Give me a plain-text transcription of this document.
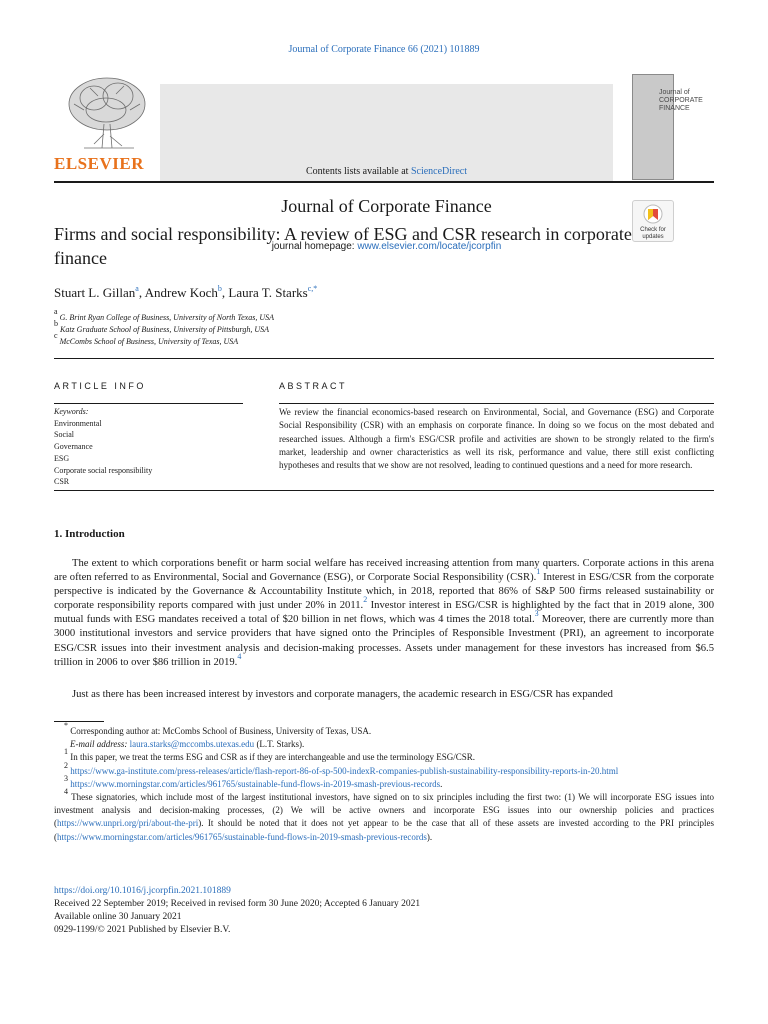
Journal of Corporate Finance 66 (2021) 101889
ELSEVIER	Contents lists available at ScienceDirect
Journal of Corporate Finance
journal homepage: www.elsevier.com/locate/jcorpfin
Journal of
CORPORATE
FINANCE
Firms and social responsibility: A review of ESG and CSR research in corporate finance
Check for
updates
Stuart L. Gillan$^a$, Andrew Koch$^b$, Laura T. Starks$^{c,*}$
$^a$ G. Brint Ryan College of Business, University of North Texas, USA
$^b$ Katz Graduate School of Business, University of Pittsburgh, USA
$^c$ McCombs School of Business, University of Texas, USA
ARTICLE INFO	ABSTRACT
Keywords:
Environmental
Social
Governance
ESG
Corporate social responsibility
CSR
We review the financial economics-based research on Environmental, Social, and Governance (ESG) and Corporate Social Responsibility (CSR) with an emphasis on corporate finance. In doing so we focus on the most debated and researched issues. Although a firm's ESG/CSR profile and activities are shown to be strongly related to the firm's market, leadership and owner characteristics as well its risk, performance and value, there still exist conflicting hypotheses and results that we show are not resolved, leading to continued questions and a need for more research.
1. Introduction

The extent to which corporations benefit or harm social welfare has received increasing attention from many quarters. Corporate actions in this arena are often referred to as Environmental, Social and Governance (ESG), or Corporate Social Responsibility (CSR).$^1$ Interest in ESG/CSR from the corporate perspective is indicated by the Governance & Accountability Institute which, in 2018, reported that 86% of S&P 500 firms released sustainability or corporate responsibility reports compared with just under 20% in 2011.$^2$ Investor interest in ESG/CSR is highlighted by the fact that in 2019 alone, 300 mutual funds with ESG mandates received a total of $20 billion in net flows, which was 4 times the 2018 total.$^3$ Moreover, there are currently more than 3000 institutional investors and service providers that have signed onto the Principles of Responsible Investment (PRI), an agreement to incorporate ESG/CSR issues into their investment analysis and decision-making processes. Assets under management for these investors has increased from $6.5 trillion in 2006 to over $86 trillion in 2019.$^4$

Just as there has been increased interest by investors and corporate managers, the academic research in ESG/CSR has expanded

* Corresponding author at: McCombs School of Business, University of Texas, USA.
E-mail address: laura.starks@mccombs.utexas.edu (L.T. Starks).
$^1$ In this paper, we treat the terms ESG and CSR as if they are interchangeable and use the terminology ESG/CSR.
$^2$ https://www.ga-institute.com/press-releases/article/flash-report-86-of-sp-500-indexR-companies-publish-sustainability-responsibility-reports-in-20.html
$^3$ https://www.morningstar.com/articles/961765/sustainable-fund-flows-in-2019-smash-previous-records.
$^4$ These signatories, which include most of the largest institutional investors, have signed on to six principles including the first two: (1) We will incorporate ESG issues into investment analysis and decision-making processes, (2) We will be active owners and incorporate ESG issues into our ownership policies and practices (https://www.unpri.org/pri/about-the-pri). It should be noted that it does not yet appear to be the case that all of these assets are invested according to the PRI principles (https://www.morningstar.com/articles/961765/sustainable-fund-flows-in-2019-smash-previous-records).
https://doi.org/10.1016/j.jcorpfin.2021.101889
Received 22 September 2019; Received in revised form 30 June 2020; Accepted 6 January 2021
Available online 30 January 2021
0929-1199/© 2021 Published by Elsevier B.V.
